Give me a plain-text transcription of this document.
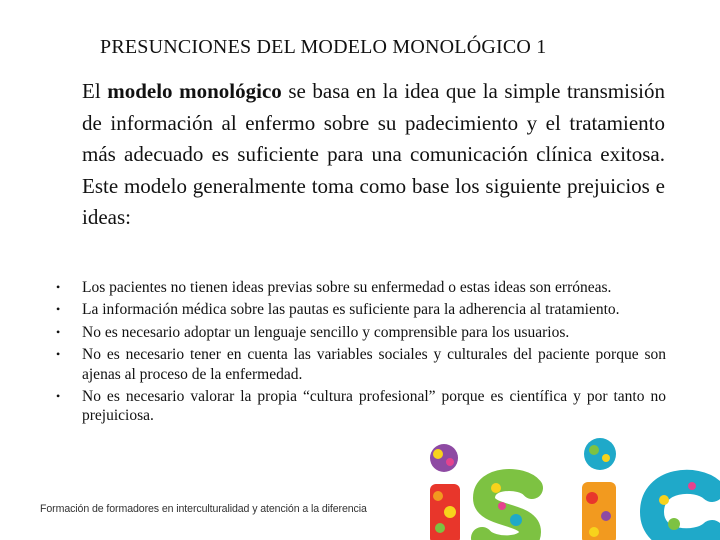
PRESUNCIONES DEL MODELO MONOLÓGICO 1
El modelo monológico se basa en la idea que la simple transmisión de información al enfermo sobre su padecimiento y el tratamiento más adecuado es suficiente para una comunicación clínica exitosa. Este modelo generalmente toma como base los siguiente prejuicios e ideas:
• Los pacientes no tienen ideas previas sobre su enfermedad o estas ideas son erróneas.
• La información médica sobre las pautas es suficiente para la adherencia al tratamiento.
• No es necesario adoptar un lenguaje sencillo y comprensible para los usuarios.
• No es necesario tener en cuenta las variables sociales y culturales del paciente porque son ajenas al proceso de la enfermedad.
• No es necesario valorar la propia “cultura profesional” porque es científica y por tanto no prejuiciosa.
Formación de formadores en interculturalidad y atención a la diferencia
